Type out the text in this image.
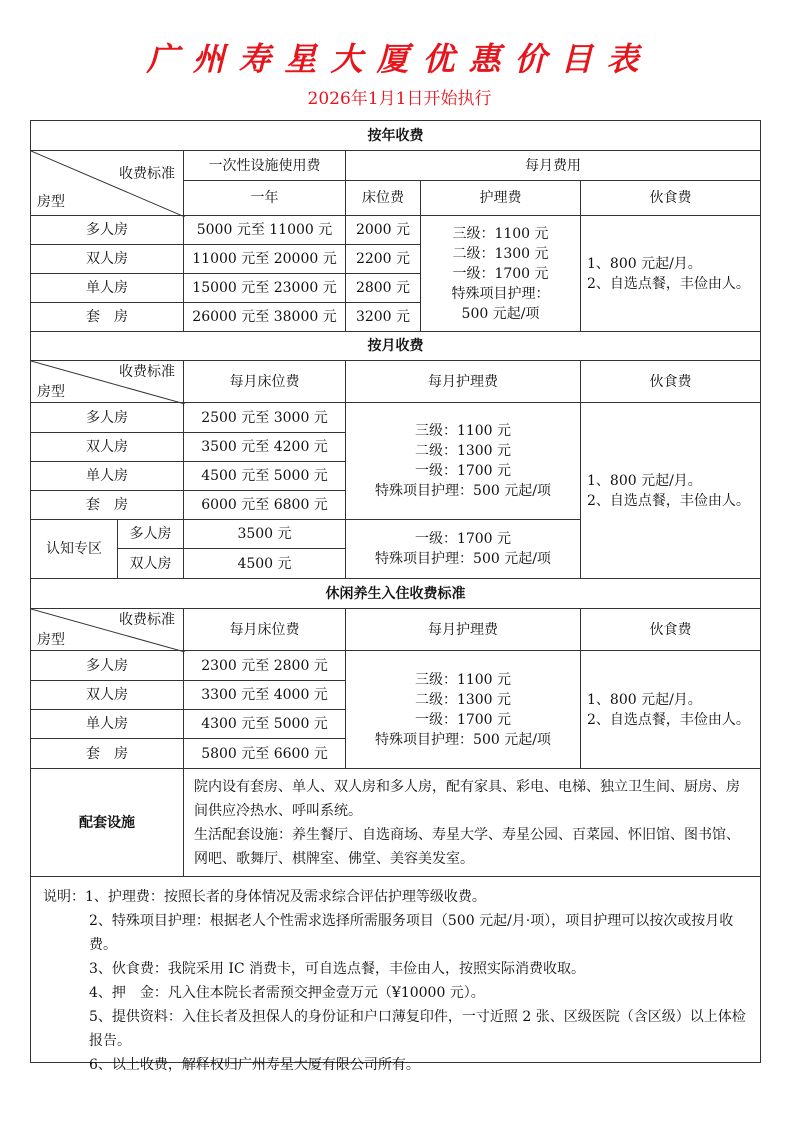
广州寿星大厦优惠价目表
2026年1月1日开始执行
按年收费
收费标准
房型
一次性设施使用费	每月费用
一年	床位费	护理费	伙食费
多人房	5000 元至 11000 元	2000 元
双人房	11000 元至 20000 元	2200 元
单人房	15000 元至 23000 元	2800 元
套　房	26000 元至 38000 元	3200 元
三级：1100 元
二级：1300 元
一级：1700 元
特殊项目护理：
500 元起/项
1、800 元起/月。
2、自选点餐，丰俭由人。
按月收费
收费标准
房型
每月床位费	每月护理费	伙食费
多人房	2500 元至 3000 元
双人房	3500 元至 4200 元
单人房	4500 元至 5000 元
套　房	6000 元至 6800 元
三级：1100 元
二级：1300 元
一级：1700 元
特殊项目护理：500 元起/项
认知专区
多人房	3500 元
双人房	4500 元
一级：1700 元
特殊项目护理：500 元起/项
1、800 元起/月。
2、自选点餐，丰俭由人。
休闲养生入住收费标准
收费标准
房型
每月床位费	每月护理费	伙食费
多人房	2300 元至 2800 元
双人房	3300 元至 4000 元
单人房	4300 元至 5000 元
套　房	5800 元至 6600 元
三级：1100 元
二级：1300 元
一级：1700 元
特殊项目护理：500 元起/项
1、800 元起/月。
2、自选点餐，丰俭由人。
配套设施
院内设有套房、单人、双人房和多人房，配有家具、彩电、电梯、独立卫生间、厨房、房间供应冷热水、呼叫系统。
生活配套设施：养生餐厅、自选商场、寿星大学、寿星公园、百菜园、怀旧馆、图书馆、网吧、歌舞厅、棋牌室、佛堂、美容美发室。
说明：1、护理费：按照长者的身体情况及需求综合评估护理等级收费。
2、特殊项目护理：根据老人个性需求选择所需服务项目（500 元起/月·项），项目护理可以按次或按月收费。
3、伙食费：我院采用 IC 消费卡，可自选点餐，丰俭由人，按照实际消费收取。
4、押　金：凡入住本院长者需预交押金壹万元（¥10000 元）。
5、提供资料：入住长者及担保人的身份证和户口薄复印件，一寸近照 2 张、区级医院（含区级）以上体检报告。
6、以上收费，解释权归广州寿星大厦有限公司所有。
